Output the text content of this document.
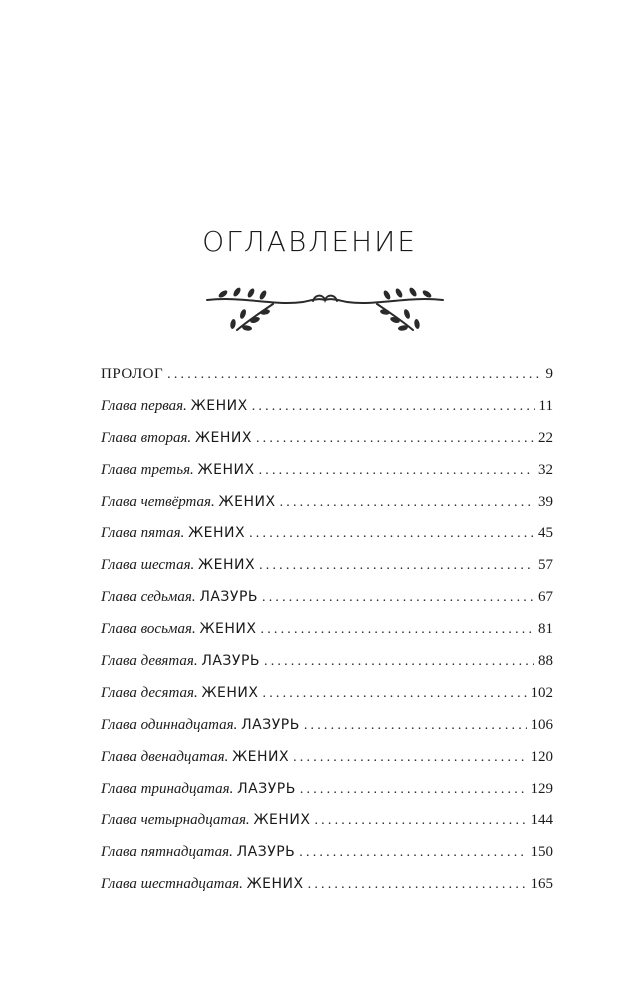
ОГЛАВЛЕНИЕ
ПРОЛОГ .....	9
Глава первая. ЖЕНИХ .....	11
Глава вторая. ЖЕНИХ .....	22
Глава третья. ЖЕНИХ .....	32
Глава четвёртая. ЖЕНИХ .....	39
Глава пятая. ЖЕНИХ .....	45
Глава шестая. ЖЕНИХ .....	57
Глава седьмая. ЛАЗУРЬ .....	67
Глава восьмая. ЖЕНИХ .....	81
Глава девятая. ЛАЗУРЬ .....	88
Глава десятая. ЖЕНИХ .....	102
Глава одиннадцатая. ЛАЗУРЬ .....	106
Глава двенадцатая. ЖЕНИХ .....	120
Глава тринадцатая. ЛАЗУРЬ .....	129
Глава четырнадцатая. ЖЕНИХ .....	144
Глава пятнадцатая. ЛАЗУРЬ .....	150
Глава шестнадцатая. ЖЕНИХ .....	165
